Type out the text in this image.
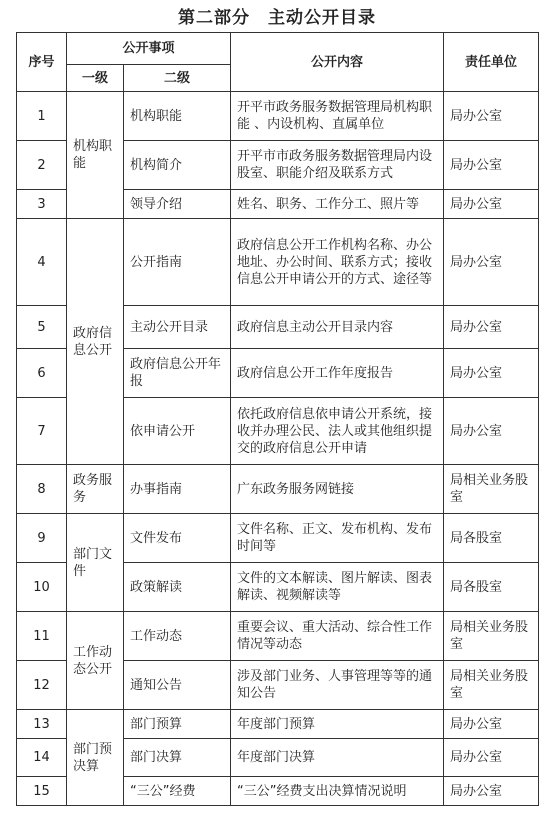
第二部分　主动公开目录
序号	公开事项		公开内容	责任单位
	一级	二级		
1	机构职能	机构职能	开平市政务服务数据管理局机构职能 、内设机构、直属单位	局办公室
2		机构简介	开平市市政务服务数据管理局内设股室、职能介绍及联系方式	局办公室
3		领导介绍	姓名、职务、工作分工、照片等	局办公室
4	政府信息公开	公开指南	政府信息公开工作机构名称、办公地址、办公时间、联系方式；接收信息公开申请公开的方式、途径等	局办公室
5		主动公开目录	政府信息主动公开目录内容	局办公室
6		政府信息公开年报	政府信息公开工作年度报告	局办公室
7		依申请公开	依托政府信息依申请公开系统，接收并办理公民、法人或其他组织提交的政府信息公开申请	局办公室
8	政务服务	办事指南	广东政务服务网链接	局相关业务股室
9	部门文件	文件发布	文件名称、正文、发布机构、发布时间等	局各股室
10		政策解读	文件的文本解读、图片解读、图表解读、视频解读等	局各股室
11	工作动态公开	工作动态	重要会议、重大活动、综合性工作情况等动态	局相关业务股室
12		通知公告	涉及部门业务、人事管理等等的通知公告	局相关业务股室
13	部门预决算	部门预算	年度部门预算	局办公室
14		部门决算	年度部门决算	局办公室
15		“三公”经费	“三公”经费支出决算情况说明	局办公室
